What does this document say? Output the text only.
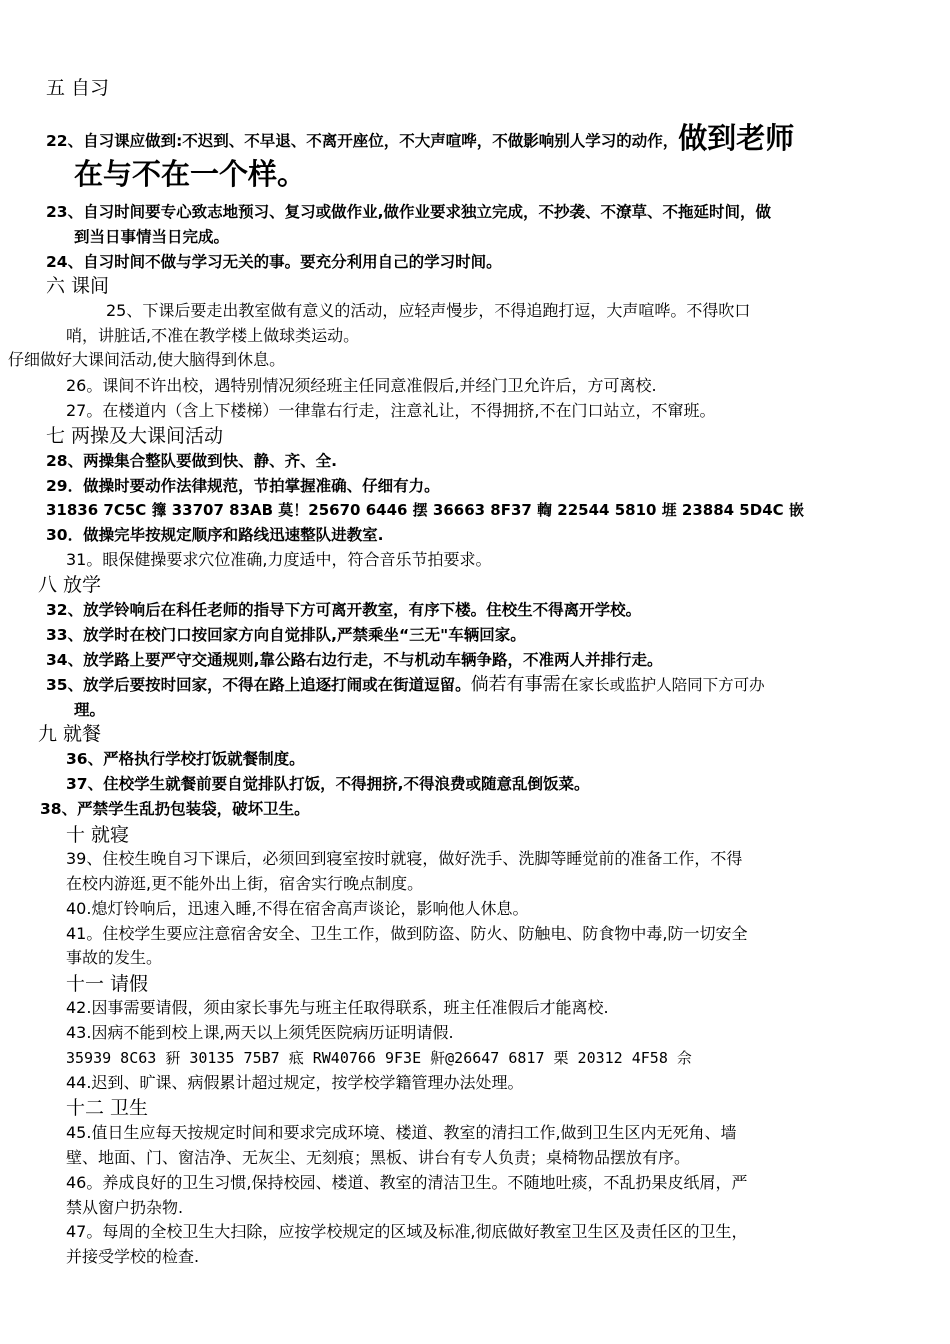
五 自习
22、自习课应做到:不迟到、不早退、不离开座位，不大声喧哗，不做影响别人学习的动作，做到老师
在与不在一个样。
23、自习时间要专心致志地预习、复习或做作业,做作业要求独立完成，不抄袭、不潦草、不拖延时间，做
到当日事情当日完成。
24、自习时间不做与学习无关的事。要充分利用自己的学习时间。
六 课间
25、下课后要走出教室做有意义的活动，应轻声慢步，不得追跑打逗，大声喧哗。不得吹口
哨，讲脏话,不准在教学楼上做球类运动。
仔细做好大课间活动,使大脑得到休息。
26。课间不许出校，遇特别情况须经班主任同意准假后,并经门卫允许后，方可离校.
27。在楼道内（含上下楼梯）一律靠右行走，注意礼让，不得拥挤,不在门口站立，不窜班。
七 两操及大课间活动
28、两操集合整队要做到快、静、齐、全.
29．做操时要动作法律规范，节拍掌握准确、仔细有力。
31836 7C5C 籜 33707 83AB 莫！25670 6446 摆 36663 8F37 輷 22544 5810 堐 23884 5D4C 嵌
30．做操完毕按规定顺序和路线迅速整队进教室.
31。眼保健操要求穴位准确,力度适中，符合音乐节拍要求。
八 放学
32、放学铃响后在科任老师的指导下方可离开教室，有序下楼。住校生不得离开学校。
33、放学时在校门口按回家方向自觉排队,严禁乘坐“三无"车辆回家。
34、放学路上要严守交通规则,靠公路右边行走，不与机动车辆争路，不准两人并排行走。
35、放学后要按时回家，不得在路上追逐打闹或在街道逗留。倘若有事需在家长或监护人陪同下方可办
理。
九 就餐
36、严格执行学校打饭就餐制度。
37、住校学生就餐前要自觉排队打饭，不得拥挤,不得浪费或随意乱倒饭菜。
38、严禁学生乱扔包装袋，破坏卫生。
十 就寝
39、住校生晚自习下课后，必须回到寝室按时就寝，做好洗手、洗脚等睡觉前的准备工作，不得
在校内游逛,更不能外出上街，宿舍实行晚点制度。
40.熄灯铃响后，迅速入睡,不得在宿舍高声谈论，影响他人休息。
41。住校学生要应注意宿舍安全、卫生工作，做到防盗、防火、防触电、防食物中毒,防一切安全
事故的发生。
十一 请假
42.因事需要请假，须由家长事先与班主任取得联系，班主任准假后才能离校.
43.因病不能到校上课,两天以上须凭医院病历证明请假.
35939 8C63 豣 30135 75B7 疷 RW40766 9F3E 鼾@26647 6817 栗 20312 4F58 佘
44.迟到、旷课、病假累计超过规定，按学校学籍管理办法处理。
十二 卫生
45.值日生应每天按规定时间和要求完成环境、楼道、教室的清扫工作,做到卫生区内无死角、墙
壁、地面、门、窗洁净、无灰尘、无刻痕；黑板、讲台有专人负责；桌椅物品摆放有序。
46。养成良好的卫生习惯,保持校园、楼道、教室的清洁卫生。不随地吐痰，不乱扔果皮纸屑，严
禁从窗户扔杂物.
47。每周的全校卫生大扫除，应按学校规定的区域及标准,彻底做好教室卫生区及责任区的卫生，
并接受学校的检查.
